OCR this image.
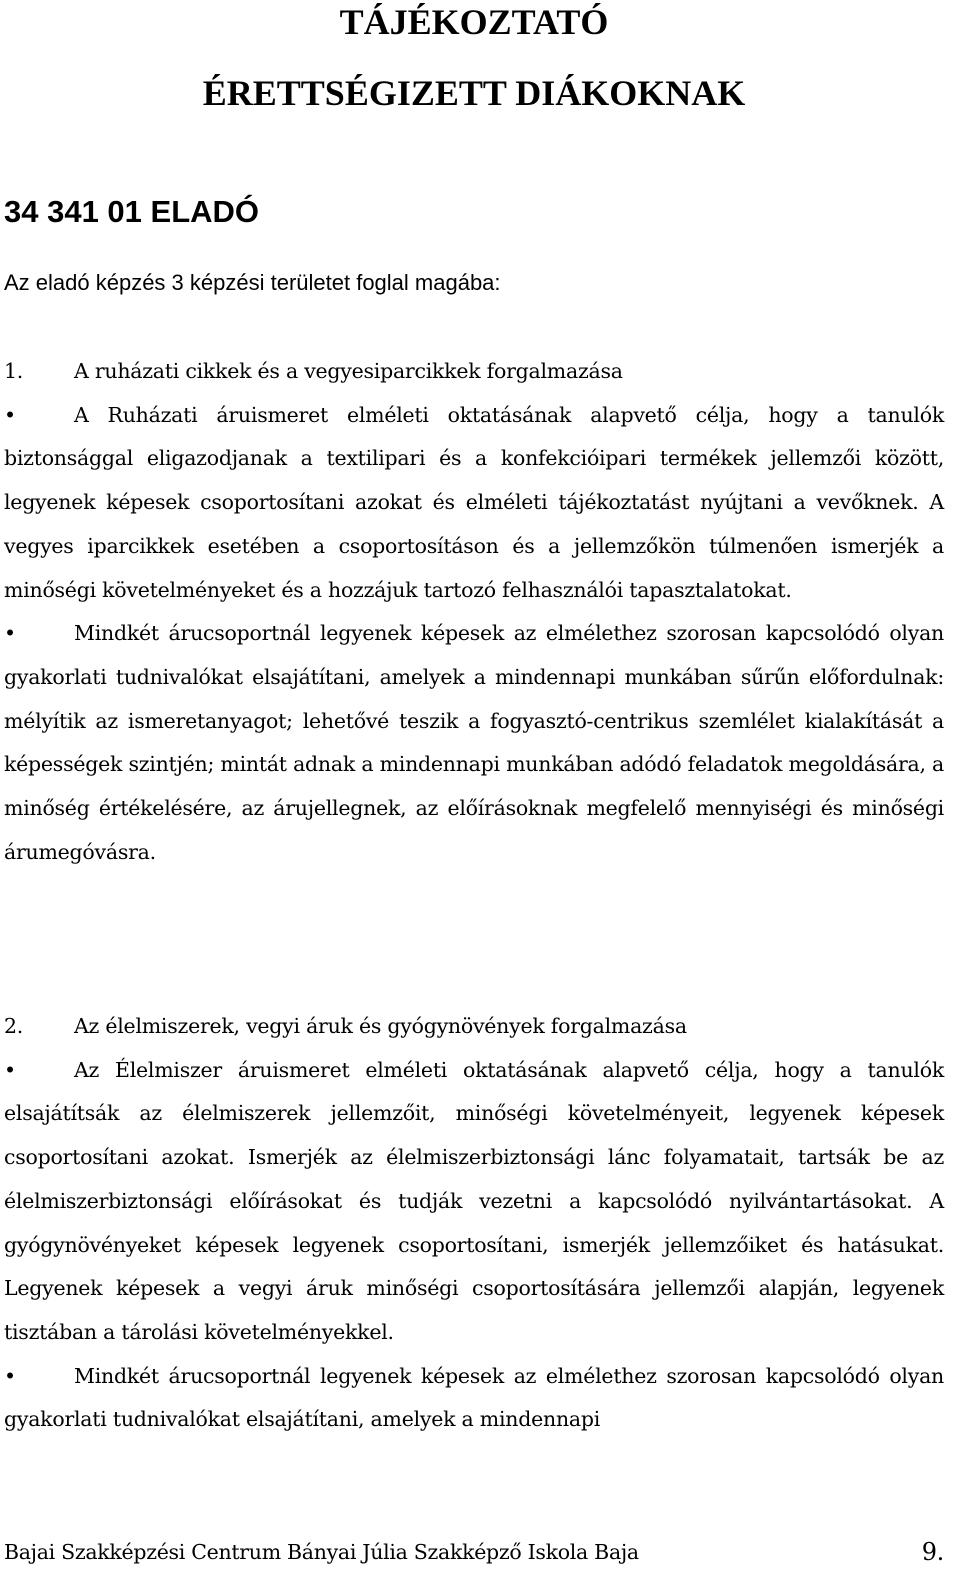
TÁJÉKOZTATÓ
ÉRETTSÉGIZETT DIÁKOKNAK
34 341 01 ELADÓ

Az eladó képzés 3 képzési területet foglal magába:

1. A ruházati cikkek és a vegyesiparcikkek forgalmazása

•	A Ruházati áruismeret elméleti oktatásának alapvető célja, hogy a tanulók biztonsággal eligazodjanak a textilipari és a konfekcióipari termékek jellemzői között, legyenek képesek csoportosítani azokat és elméleti tájékoztatást nyújtani a vevőknek. A vegyes iparcikkek esetében a csoportosításon és a jellemzőkön túlmenően ismerjék a minőségi követelményeket és a hozzájuk tartozó felhasználói tapasztalatokat.

•	Mindkét árucsoportnál legyenek képesek az elmélethez szorosan kapcsolódó olyan gyakorlati tudnivalókat elsajátítani, amelyek a mindennapi munkában sűrűn előfordulnak: mélyítik az ismeretanyagot; lehetővé teszik a fogyasztó-centrikus szemlélet kialakítását a képességek szintjén; mintát adnak a mindennapi munkában adódó feladatok megoldására, a minőség értékelésére, az árujellegnek, az előírásoknak megfelelő mennyiségi és minőségi árumegóvásra.

2. Az élelmiszerek, vegyi áruk és gyógynövények forgalmazása

•	Az Élelmiszer áruismeret elméleti oktatásának alapvető célja, hogy a tanulók elsajátítsák az élelmiszerek jellemzőit, minőségi követelményeit, legyenek képesek csoportosítani azokat. Ismerjék az élelmiszerbiztonsági lánc folyamatait, tartsák be az élelmiszerbiztonsági előírásokat és tudják vezetni a kapcsolódó nyilvántartásokat. A gyógynövényeket képesek legyenek csoportosítani, ismerjék jellemzőiket és hatásukat. Legyenek képesek a vegyi áruk minőségi csoportosítására jellemzői alapján, legyenek tisztában a tárolási követelményekkel.

•	Mindkét árucsoportnál legyenek képesek az elmélethez szorosan kapcsolódó olyan gyakorlati tudnivalókat elsajátítani, amelyek a mindennapi

Bajai Szakképzési Centrum Bányai Júlia Szakképző Iskola Baja	9.
